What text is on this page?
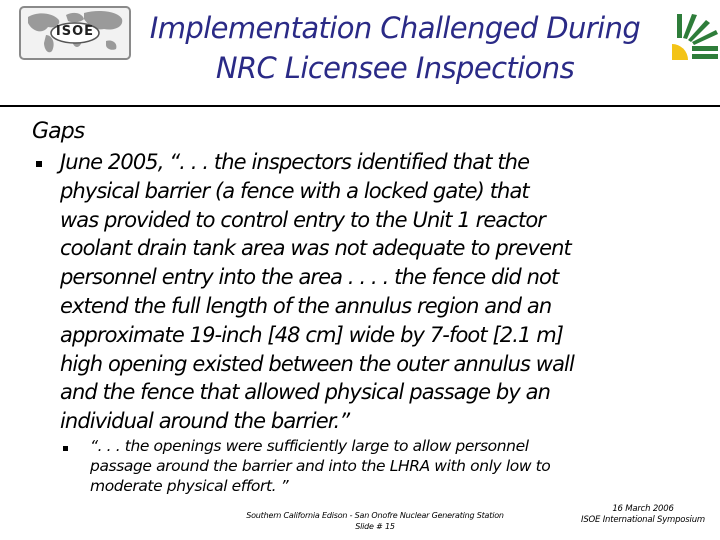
ISOE	Implementation Challenged During
NRC Licensee Inspections
Gaps
June 2005, “. . . the inspectors identified that the
physical barrier (a fence with a locked gate) that
was provided to control entry to the Unit 1 reactor
coolant drain tank area was not adequate to prevent
personnel entry into the area . . . . the fence did not
extend the full length of the annulus region and an
approximate 19-inch [48 cm] wide by 7-foot [2.1 m]
high opening existed between the outer annulus wall
and the fence that allowed physical passage by an
individual around the barrier.”
“. . . the openings were sufficiently large to allow personnel
passage around the barrier and into the LHRA with only low to
moderate physical effort. ”
Southern California Edison - San Onofre Nuclear Generating Station
Slide # 15
16 March 2006
ISOE International Symposium
